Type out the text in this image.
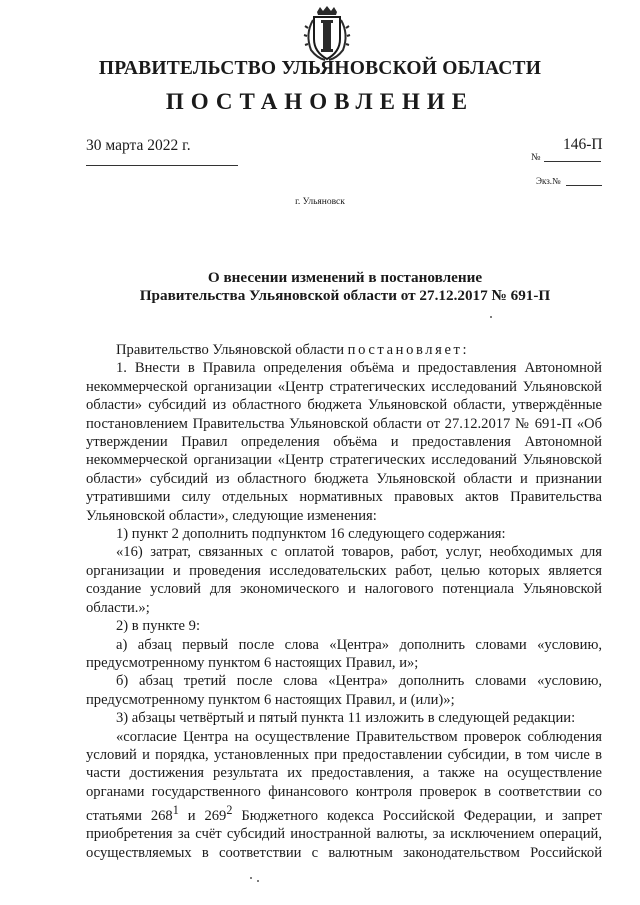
ПРАВИТЕЛЬСТВО УЛЬЯНОВСКОЙ ОБЛАСТИ
ПОСТАНОВЛЕНИЕ
30 марта 2022 г.	146-П
№
Экз.№
г. Ульяновск
О внесении изменений в постановление
Правительства Ульяновской области от 27.12.2017 № 691-П

Правительство Ульяновской области постановляет:

1. Внести в Правила определения объёма и предоставления Автономной некоммерческой организации «Центр стратегических исследований Ульяновской области» субсидий из областного бюджета Ульяновской области, утверждённые постановлением Правительства Ульяновской области от 27.12.2017 № 691-П «Об утверждении Правил определения объёма и предоставления Автономной некоммерческой организации «Центр стратегических исследований Ульяновской области» субсидий из областного бюджета Ульяновской области и признании утратившими силу отдельных нормативных правовых актов Правительства Ульяновской области», следующие изменения:

1) пункт 2 дополнить подпунктом 16 следующего содержания:

«16) затрат, связанных с оплатой товаров, работ, услуг, необходимых для организации и проведения исследовательских работ, целью которых является создание условий для экономического и налогового потенциала Ульяновской области.»;

2) в пункте 9:

а) абзац первый после слова «Центра» дополнить словами «условию, предусмотренному пунктом 6 настоящих Правил, и»;

б) абзац третий после слова «Центра» дополнить словами «условию, предусмотренному пунктом 6 настоящих Правил, и (или)»;

3) абзацы четвёртый и пятый пункта 11 изложить в следующей редакции:

«согласие Центра на осуществление Правительством проверок соблюдения условий и порядка, установленных при предоставлении субсидии, в том числе в части достижения результата их предоставления, а также на осуществление органами государственного финансового контроля проверок в соответствии со статьями $268^1$ и $269^2$ Бюджетного кодекса Российской Федерации, и запрет приобретения за счёт субсидий иностранной валюты, за исключением операций, осуществляемых в соответствии с валютным законодательством Российской
